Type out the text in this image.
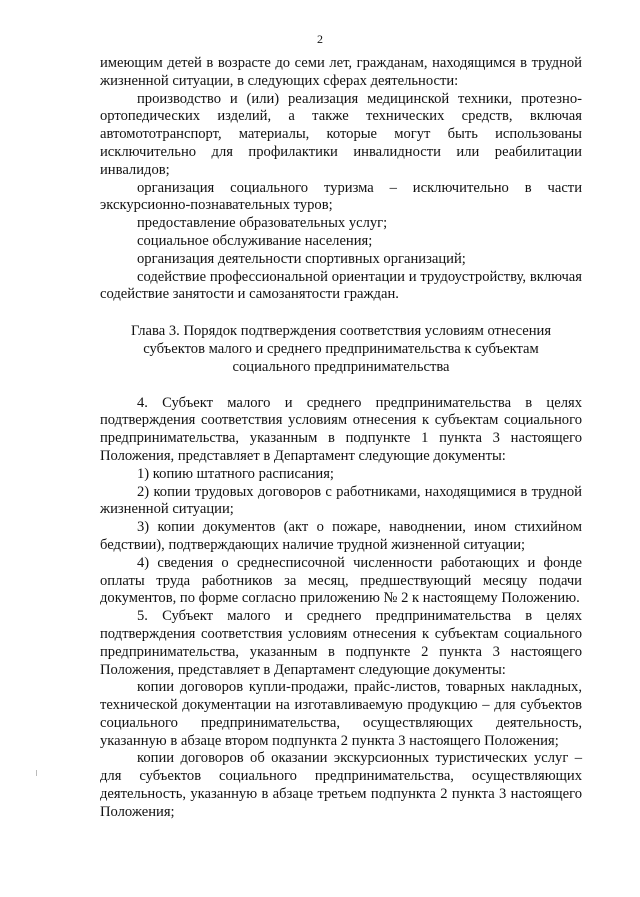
2

имеющим детей в возрасте до семи лет, гражданам, находящимся в трудной жизненной ситуации, в следующих сферах деятельности:

производство и (или) реализация медицинской техники, протезно-ортопедических изделий, а также технических средств, включая автомототранспорт, материалы, которые могут быть использованы исключительно для профилактики инвалидности или реабилитации инвалидов;

организация социального туризма – исключительно в части экскурсионно-познавательных туров;

предоставление образовательных услуг;

социальное обслуживание населения;

организация деятельности спортивных организаций;

содействие профессиональной ориентации и трудоустройству, включая содействие занятости и самозанятости граждан.

Глава 3. Порядок подтверждения соответствия условиям отнесения
субъектов малого и среднего предпринимательства к субъектам
социального предпринимательства

4. Субъект малого и среднего предпринимательства в целях подтверждения соответствия условиям отнесения к субъектам социального предпринимательства, указанным в подпункте 1 пункта 3 настоящего Положения, представляет в Департамент следующие документы:

1) копию штатного расписания;

2) копии трудовых договоров с работниками, находящимися в трудной жизненной ситуации;

3) копии документов (акт о пожаре, наводнении, ином стихийном бедствии), подтверждающих наличие трудной жизненной ситуации;

4) сведения о среднесписочной численности работающих и фонде оплаты труда работников за месяц, предшествующий месяцу подачи документов, по форме согласно приложению № 2 к настоящему Положению.

5. Субъект малого и среднего предпринимательства в целях подтверждения соответствия условиям отнесения к субъектам социального предпринимательства, указанным в подпункте 2 пункта 3 настоящего Положения, представляет в Департамент следующие документы:

копии договоров купли-продажи, прайс-листов, товарных накладных, технической документации на изготавливаемую продукцию – для субъектов социального предпринимательства, осуществляющих деятельность, указанную в абзаце втором подпункта 2 пункта 3 настоящего Положения;

копии договоров об оказании экскурсионных туристических услуг – для субъектов социального предпринимательства, осуществляющих деятельность, указанную в абзаце третьем подпункта 2 пункта 3 настоящего Положения;
